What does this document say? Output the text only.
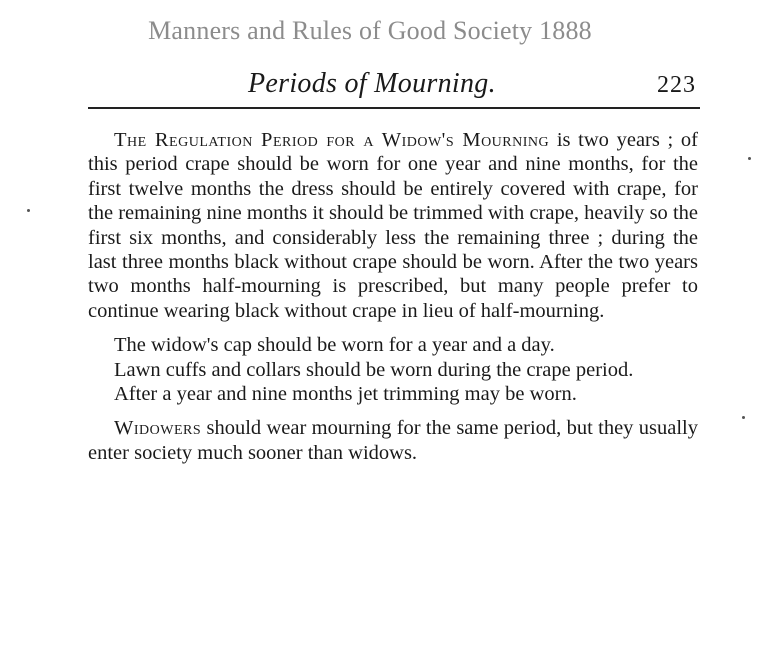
Manners and Rules of Good Society 1888
Periods of Mourning.	223

The Regulation Period for a Widow's Mourning is two years ; of this period crape should be worn for one year and nine months, for the first twelve months the dress should be entirely covered with crape, for the remaining nine months it should be trimmed with crape, heavily so the first six months, and considerably less the remaining three ; during the last three months black without crape should be worn. After the two years two months half-mourning is prescribed, but many people prefer to continue wearing black without crape in lieu of half-mourning.

The widow's cap should be worn for a year and a day.

Lawn cuffs and collars should be worn during the crape period.

After a year and nine months jet trimming may be worn.

Widowers should wear mourning for the same period, but they usually enter society much sooner than widows.
